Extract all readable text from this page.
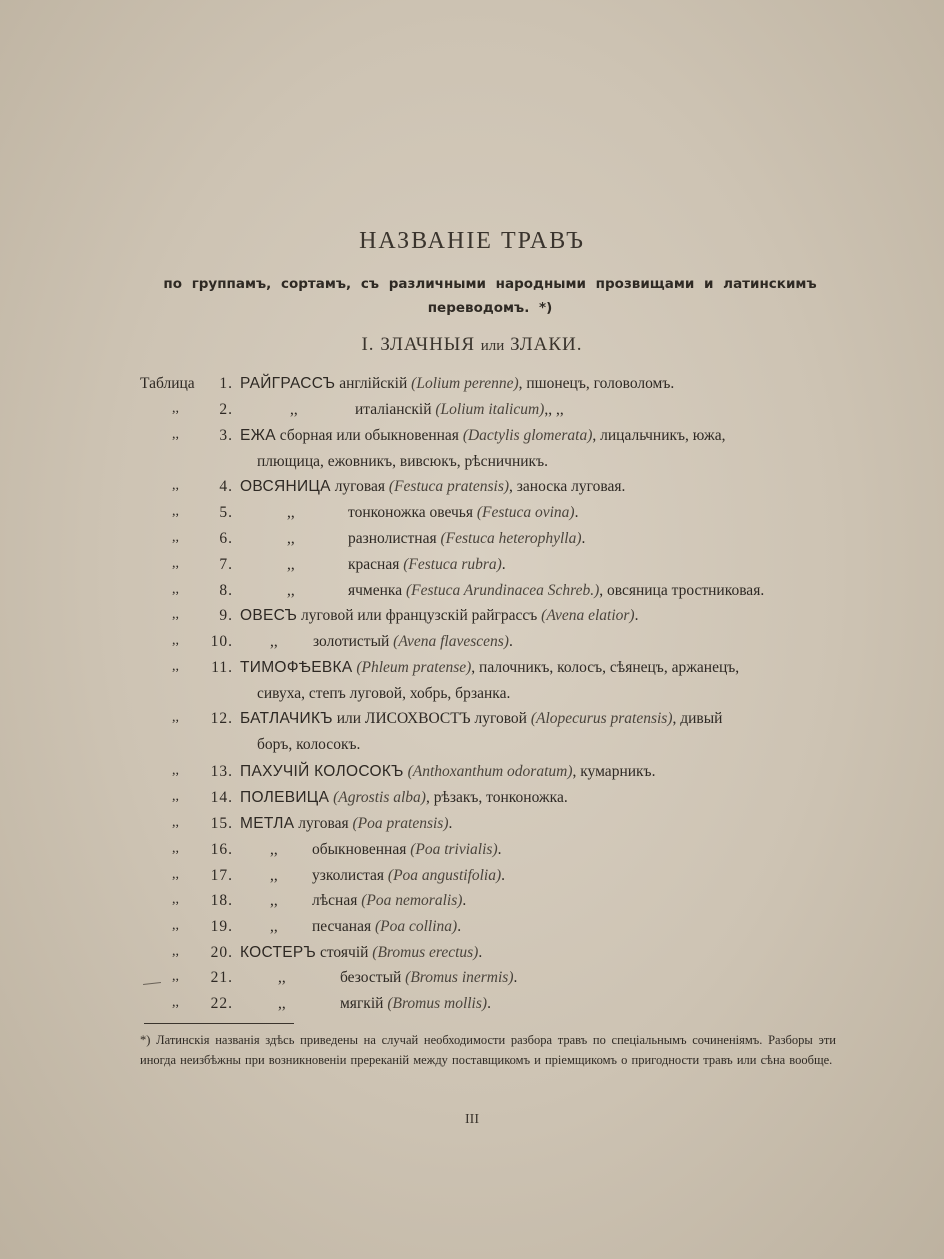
НАЗВАНІЕ ТРАВЪ
по группамъ, сортамъ, съ различными народными прозвищами и латинскимъ переводомъ. *)
I. ЗЛАЧНЫЯ или ЗЛАКИ.
Таблица	1. РАЙГРАССЪ англійскій (Lolium perenne), пшонецъ, головоломъ.
,,	2.	,,	италіанскій (Lolium italicum),, ,,
,,	3. ЕЖА сборная или обыкновенная (Dactylis glomerata), лицальчникъ, южа,
плющица, ежовникъ, вивсюкъ, рѣсничникъ.
,,	4. ОВСЯНИЦА луговая (Festuca pratensis), заноска луговая.
,,	5.	,,	тонконожка овечья (Festuca ovina).
,,	6.	,,	разнолистная (Festuca heterophylla).
,,	7.	,,	красная (Festuca rubra).
,,	8.	,,	ячменка (Festuca Arundinacea Schreb.), овсяница тростниковая.
,,	9. ОВЕСЪ луговой или французскій райграссъ (Avena elatior).
,,	10. ,, золотистый (Avena flavescens).
,,	11. ТИМОФѢЕВКА (Phleum pratense), палочникъ, колосъ, сѣянецъ, аржанецъ,
сивуха, степъ луговой, хобрь, брзанка.
,,	12. БАТЛАЧИКЪ или ЛИСОХВОСТЪ луговой (Alopecurus pratensis), дивый
боръ, колосокъ.
,,	13. ПАХУЧІЙ КОЛОСОКЪ (Anthoxanthum odoratum), кумарникъ.
,,	14. ПОЛЕВИЦА (Agrostis alba), рѣзакъ, тонконожка.
,,	15. МЕТЛА луговая (Poa pratensis).
,,	16. ,, обыкновенная (Poa trivialis).
,,	17. ,, узколистая (Poa angustifolia).
,,	18. ,, лѣсная (Poa nemoralis).
,,	19. ,, песчаная (Poa collina).
,,	20. КОСТЕРЪ стоячій (Bromus erectus).
,,	21.	,,	безостый (Bromus inermis).
,,	22.	,,	мягкій (Bromus mollis).
*) Латинскія названія здѣсь приведены на случай необходимости разбора травъ по спеціальнымъ сочиненіямъ. Разборы эти иногда неизбѣжны при возникновеніи пререканій между поставщикомъ и пріемщикомъ о пригодности травъ или сѣна вообще.
III
